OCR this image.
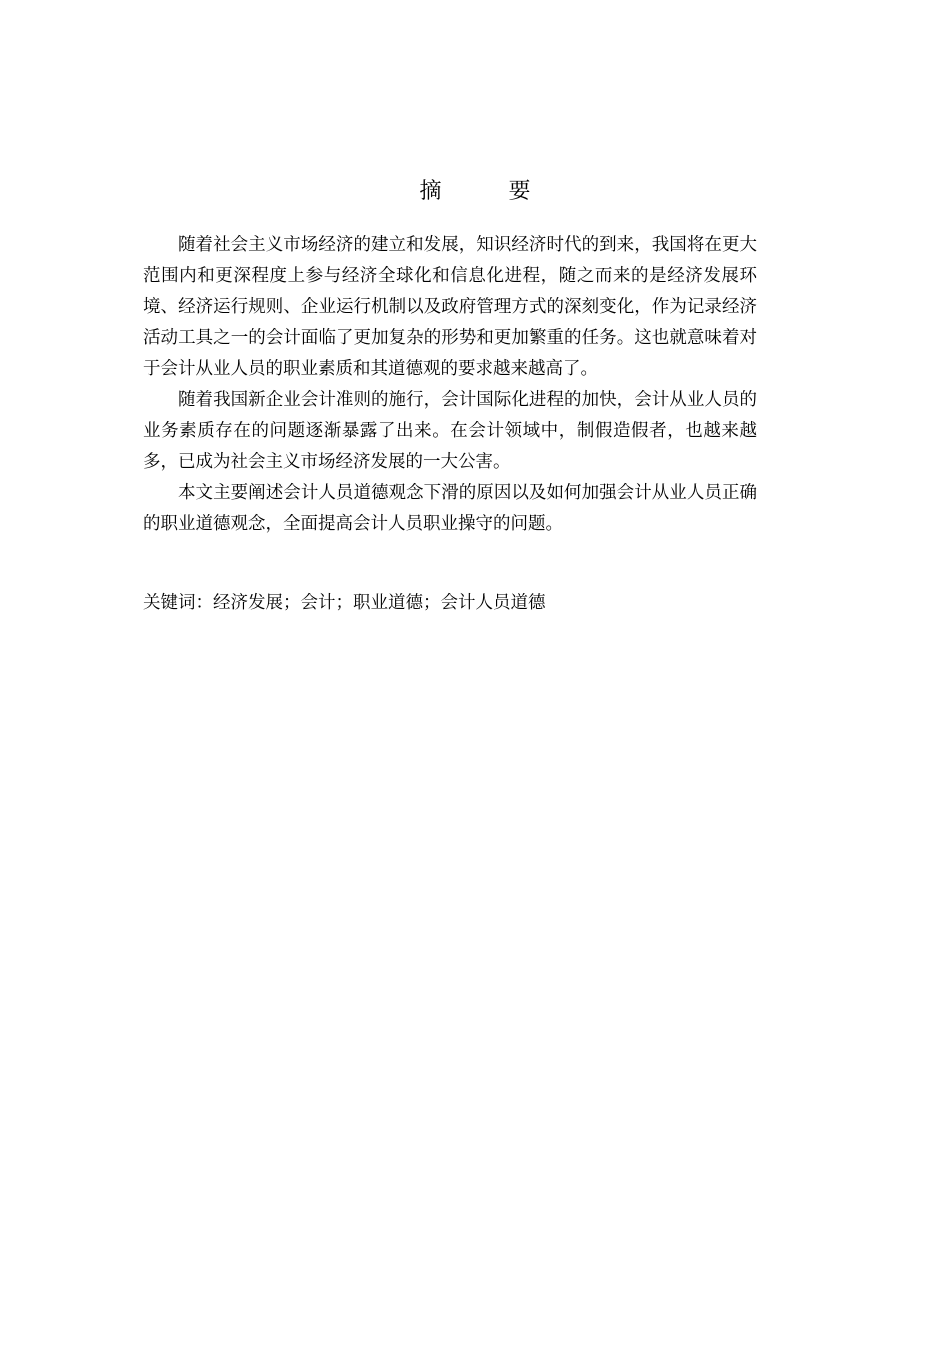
摘 要

随着社会主义市场经济的建立和发展，知识经济时代的到来，我国将在更大范围内和更深程度上参与经济全球化和信息化进程，随之而来的是经济发展环境、经济运行规则、企业运行机制以及政府管理方式的深刻变化，作为记录经济活动工具之一的会计面临了更加复杂的形势和更加繁重的任务。这也就意味着对于会计从业人员的职业素质和其道德观的要求越来越高了。

随着我国新企业会计准则的施行，会计国际化进程的加快，会计从业人员的业务素质存在的问题逐渐暴露了出来。在会计领域中，制假造假者，也越来越多，已成为社会主义市场经济发展的一大公害。

本文主要阐述会计人员道德观念下滑的原因以及如何加强会计从业人员正确的职业道德观念，全面提高会计人员职业操守的问题。

关键词：经济发展；会计；职业道德；会计人员道德
